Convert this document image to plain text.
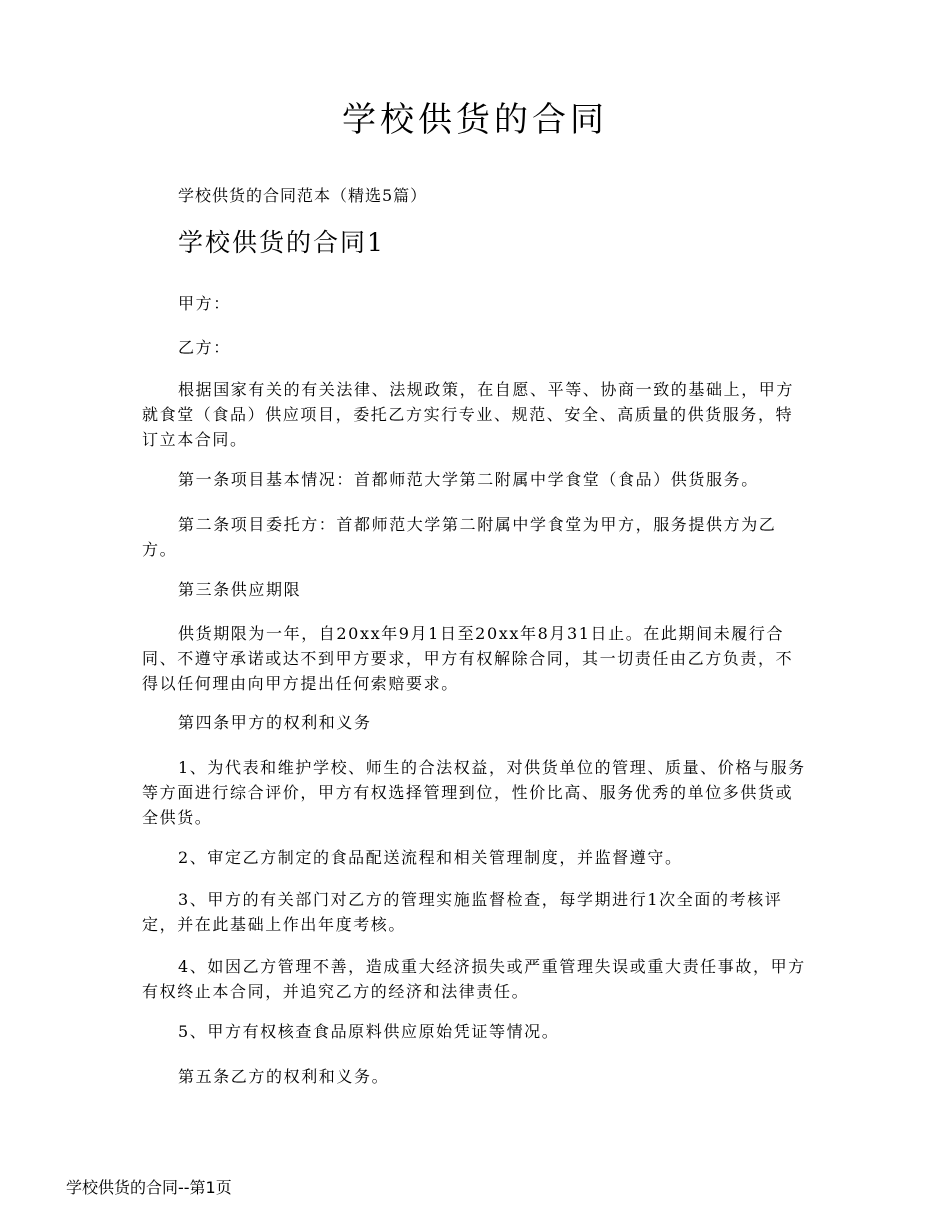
学校供货的合同
学校供货的合同范本（精选5篇）
学校供货的合同1

甲方：

乙方：

根据国家有关的有关法律、法规政策，在自愿、平等、协商一致的基础上，甲方就食堂（食品）供应项目，委托乙方实行专业、规范、安全、高质量的供货服务，特订立本合同。

第一条项目基本情况：首都师范大学第二附属中学食堂（食品）供货服务。

第二条项目委托方：首都师范大学第二附属中学食堂为甲方，服务提供方为乙方。

第三条供应期限

供货期限为一年，自20xx年9月1日至20xx年8月31日止。在此期间未履行合同、不遵守承诺或达不到甲方要求，甲方有权解除合同，其一切责任由乙方负责，不得以任何理由向甲方提出任何索赔要求。

第四条甲方的权利和义务

1、为代表和维护学校、师生的合法权益，对供货单位的管理、质量、价格与服务等方面进行综合评价，甲方有权选择管理到位，性价比高、服务优秀的单位多供货或全供货。

2、审定乙方制定的食品配送流程和相关管理制度，并监督遵守。

3、甲方的有关部门对乙方的管理实施监督检查，每学期进行1次全面的考核评定，并在此基础上作出年度考核。

4、如因乙方管理不善，造成重大经济损失或严重管理失误或重大责任事故，甲方有权终止本合同，并追究乙方的经济和法律责任。

5、甲方有权核查食品原料供应原始凭证等情况。

第五条乙方的权利和义务。

学校供货的合同--第1页
